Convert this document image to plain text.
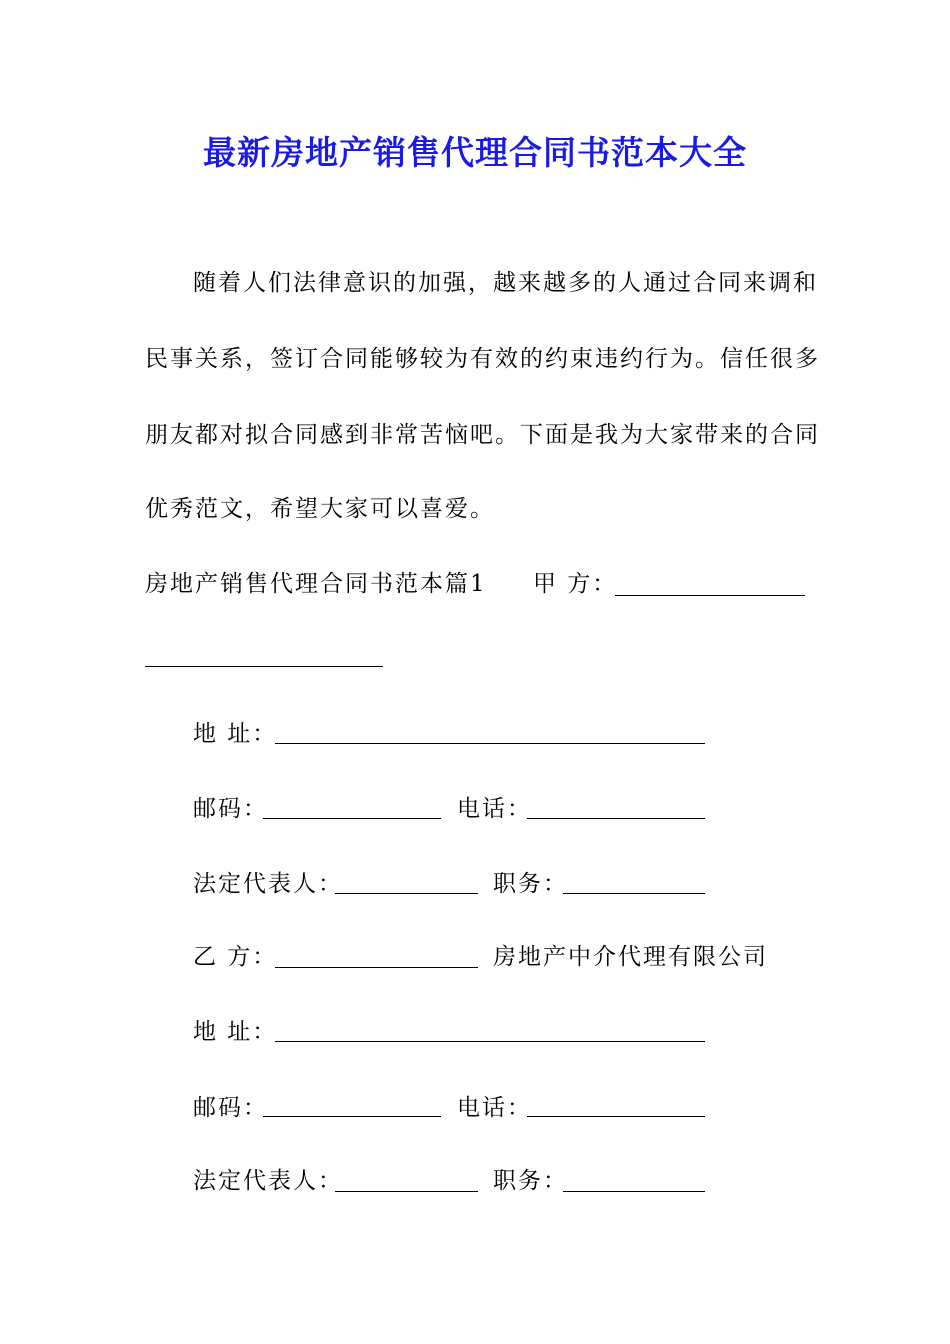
最新房地产销售代理合同书范本大全
随着人们法律意识的加强，越来越多的人通过合同来调和
民事关系，签订合同能够较为有效的约束违约行为。信任很多
朋友都对拟合同感到非常苦恼吧。下面是我为大家带来的合同
优秀范文，希望大家可以喜爱。
房地产销售代理合同书范本篇1 甲 方：
地 址：
邮码：	电话：
法定代表人：	职务：
乙 方：	房地产中介代理有限公司
地 址：
邮码：	电话：
法定代表人：	职务：
